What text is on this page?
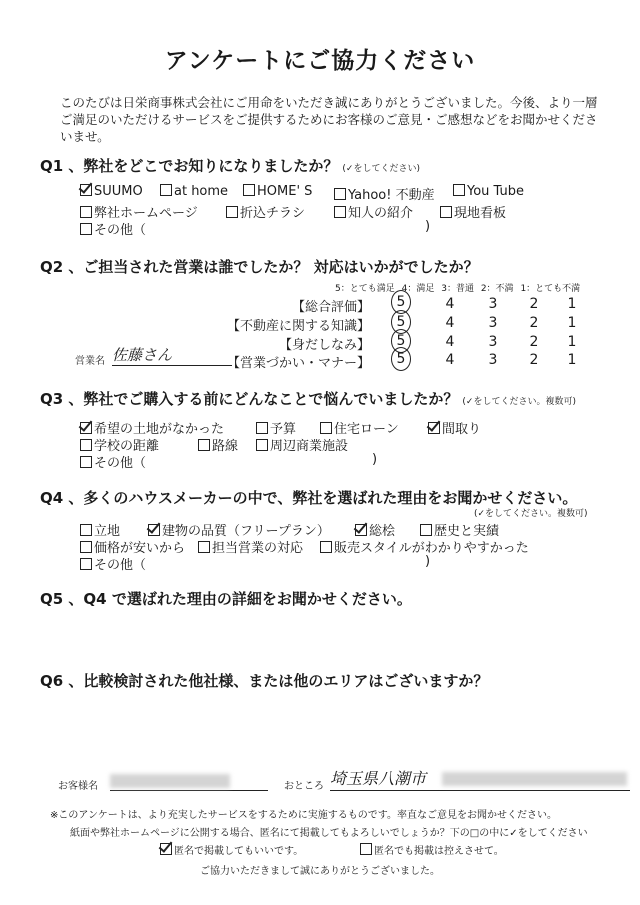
アンケートにご協力ください
このたびは日栄商事株式会社にご用命をいただき誠にありがとうございました。今後、より一層ご満足のいただけるサービスをご提供するためにお客様のご意見・ご感想などをお聞かせくださいませ。
Q1 、弊社をどこでお知りになりましたか？ (✓をしてください)
SUUMO	at home	HOME' S	Yahoo! 不動産	You Tube
弊社ホームページ	折込チラシ	知人の紹介	現地看板
その他（	)
Q2 、ご担当された営業は誰でしたか？ 対応はいかがでしたか？
5：とても満足 4：満足 3：普通 2：不満 1：とても不満
【総合評価】	5	4	3	2	1
【不動産に関する知識】	5	4	3	2	1
【身だしなみ】	5	4	3	2	1
営業名 佐藤さん	【営業づかい・マナー】	5	4	3	2	1
Q3 、弊社でご購入する前にどんなことで悩んでいましたか？ (✓をしてください。複数可)
希望の土地がなかった	予算	住宅ローン	間取り
学校の距離	路線	周辺商業施設
その他（	)
Q4 、多くのハウスメーカーの中で、弊社を選ばれた理由をお聞かせください。
(✓をしてください。複数可)
立地	建物の品質（フリープラン）	総桧	歴史と実績
価格が安いから	担当営業の対応	販売スタイルがわかりやすかった
その他（	)
Q5 、Q4 で選ばれた理由の詳細をお聞かせください。
Q6 、比較検討された他社様、または他のエリアはございますか？
お客様名	おところ 埼玉県八潮市
※このアンケートは、より充実したサービスをするために実施するものです。率直なご意見をお聞かせください。
紙面や弊社ホームページに公開する場合、匿名にて掲載してもよろしいでしょうか？下の□の中に✓をしてください
匿名で掲載してもいいです。	匿名でも掲載は控えさせて。
ご協力いただきまして誠にありがとうございました。
